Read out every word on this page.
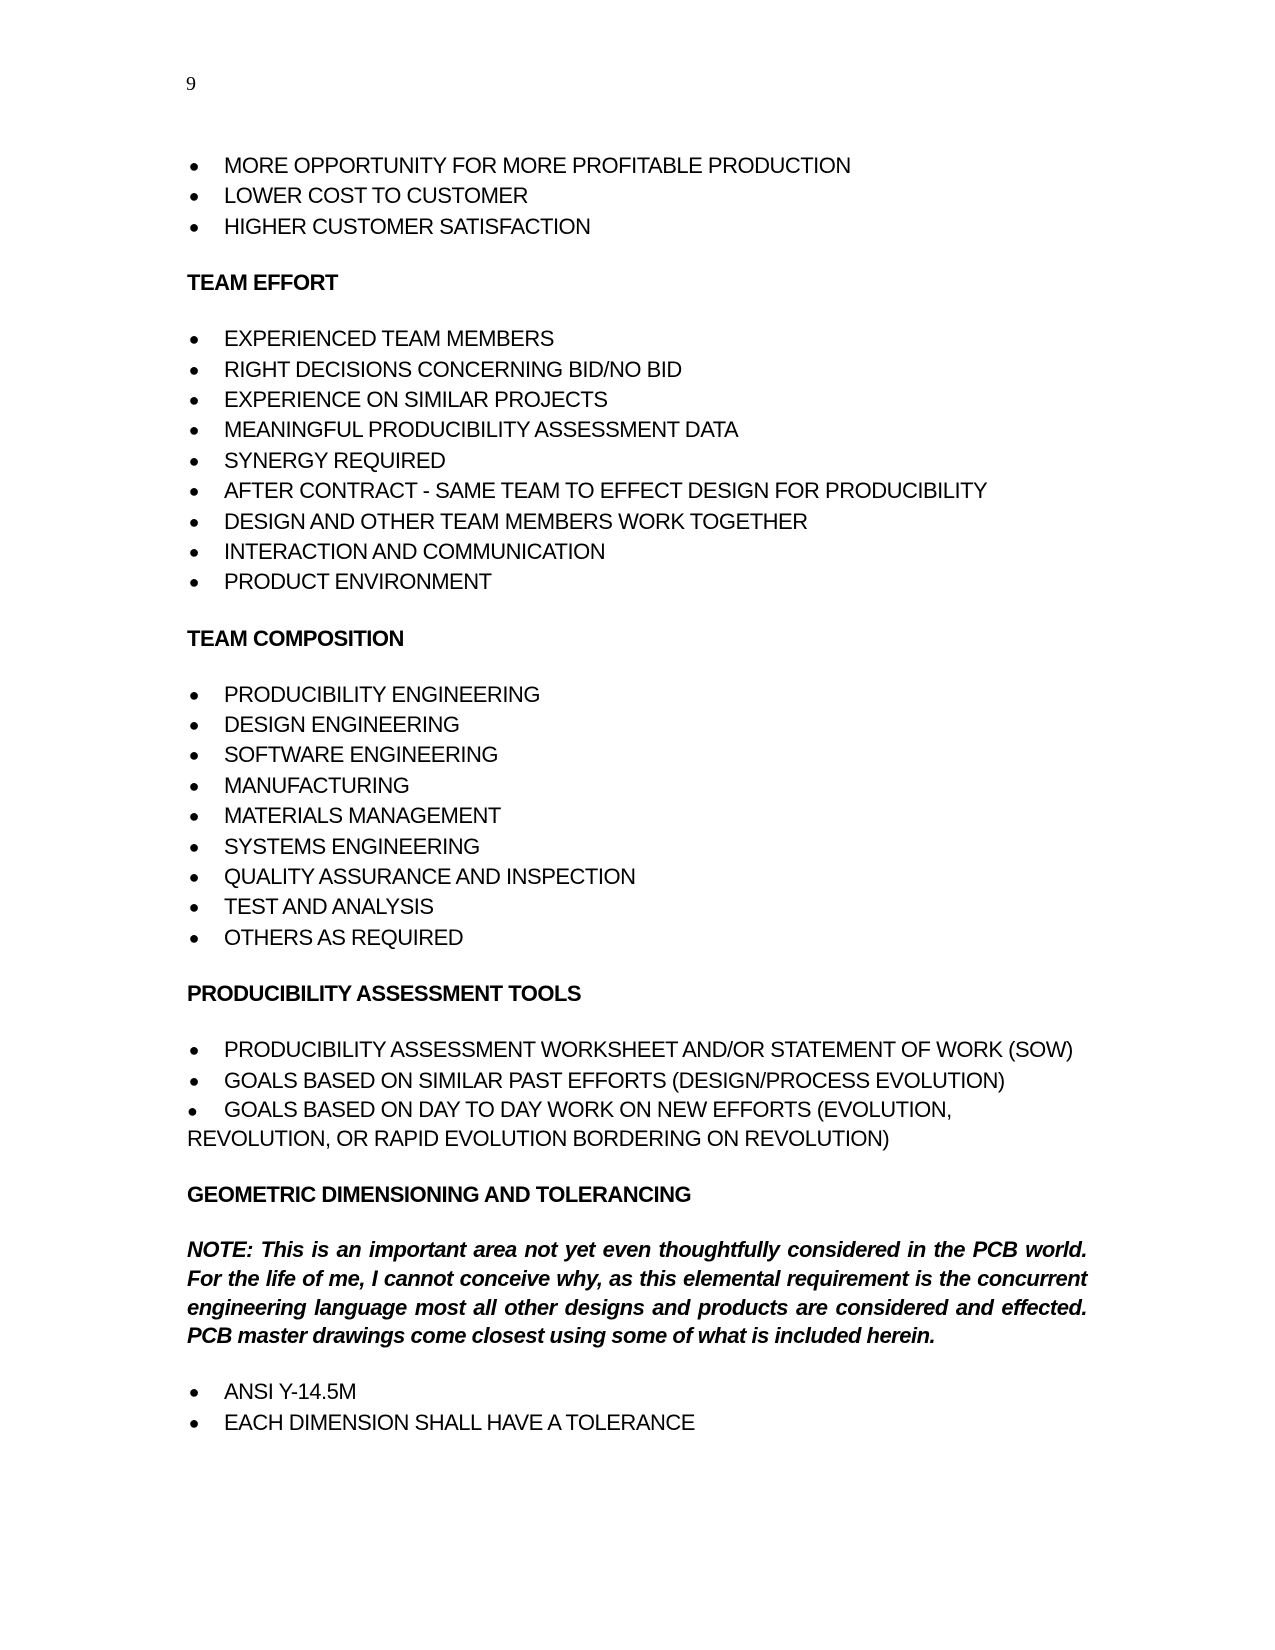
9
● MORE OPPORTUNITY FOR MORE PROFITABLE PRODUCTION
● LOWER COST TO CUSTOMER
● HIGHER CUSTOMER SATISFACTION
TEAM EFFORT
● EXPERIENCED TEAM MEMBERS
● RIGHT DECISIONS CONCERNING BID/NO BID
● EXPERIENCE ON SIMILAR PROJECTS
● MEANINGFUL PRODUCIBILITY ASSESSMENT DATA
● SYNERGY REQUIRED
● AFTER CONTRACT - SAME TEAM TO EFFECT DESIGN FOR PRODUCIBILITY
● DESIGN AND OTHER TEAM MEMBERS WORK TOGETHER
● INTERACTION AND COMMUNICATION
● PRODUCT ENVIRONMENT
TEAM COMPOSITION
● PRODUCIBILITY ENGINEERING
● DESIGN ENGINEERING
● SOFTWARE ENGINEERING
● MANUFACTURING
● MATERIALS MANAGEMENT
● SYSTEMS ENGINEERING
● QUALITY ASSURANCE AND INSPECTION
● TEST AND ANALYSIS
● OTHERS AS REQUIRED
PRODUCIBILITY ASSESSMENT TOOLS
● PRODUCIBILITY ASSESSMENT WORKSHEET AND/OR STATEMENT OF WORK (SOW)
● GOALS BASED ON SIMILAR PAST EFFORTS (DESIGN/PROCESS EVOLUTION)
● GOALS BASED ON DAY TO DAY WORK ON NEW EFFORTS (EVOLUTION, REVOLUTION, OR RAPID EVOLUTION BORDERING ON REVOLUTION)
GEOMETRIC DIMENSIONING AND TOLERANCING

NOTE: This is an important area not yet even thoughtfully considered in the PCB world. For the life of me, I cannot conceive why, as this elemental requirement is the concurrent engineering language most all other designs and products are considered and effected. PCB master drawings come closest using some of what is included herein.

● ANSI Y-14.5M
● EACH DIMENSION SHALL HAVE A TOLERANCE
